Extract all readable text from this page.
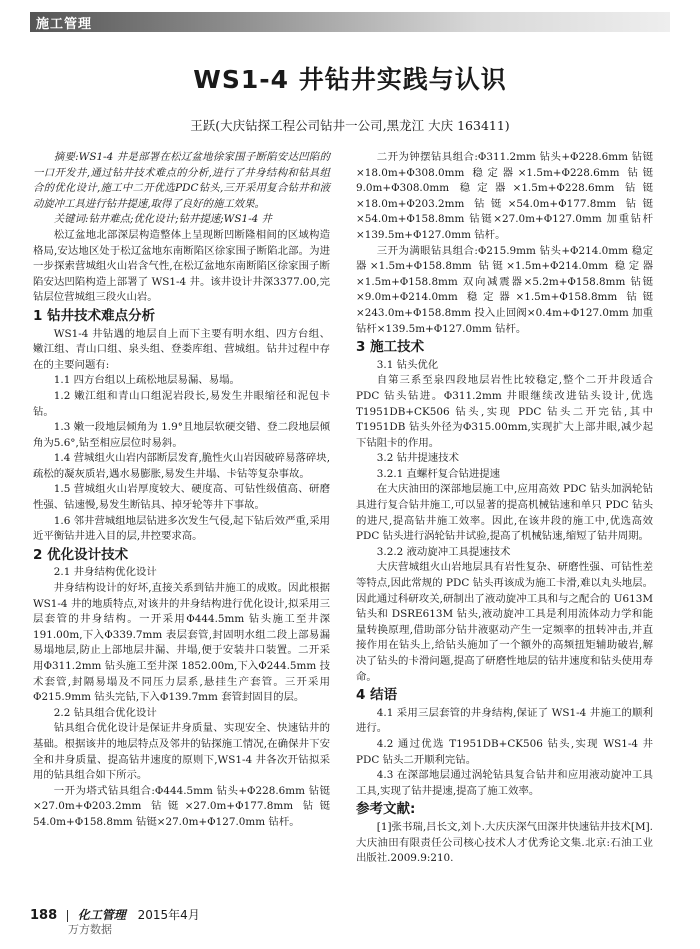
施工管理
WS1-4 井钻井实践与认识
王跃(大庆钻探工程公司钻井一公司,黑龙江 大庆 163411)

摘要:WS1-4 井是部署在松辽盆地徐家围子断陷安达凹陷的一口开发井,通过钻井技术难点的分析,进行了井身结构和钻具组合的优化设计,施工中二开优选PDC钻头,三开采用复合钻井和液动旋冲工具进行钻井提速,取得了良好的施工效果。

关键词:钻井难点;优化设计;钻井提速;WS1-4 井

松辽盆地北部深层构造整体上呈现断凹断隆相间的区域构造格局,安达地区处于松辽盆地东南断陷区徐家围子断陷北部。为进一步探索营城组火山岩含气性,在松辽盆地东南断陷区徐家围子断陷安达凹陷构造上部署了 WS1-4 井。该井设计井深3377.00,完钻层位营城组三段火山岩。

1 钻井技术难点分析

WS1-4 井钻遇的地层自上而下主要有明水组、四方台组、嫩江组、青山口组、泉头组、登娄库组、营城组。钻井过程中存在的主要问题有:

1.1 四方台组以上疏松地层易漏、易塌。

1.2 嫩江组和青山口组泥岩段长,易发生井眼缩径和泥包卡钻。

1.3 嫩一段地层倾角为 1.9°且地层软硬交错、登二段地层倾角为5.6°,钻至相应层位时易斜。

1.4 营城组火山岩内部断层发育,脆性火山岩因破碎易落碎块,疏松的凝灰质岩,遇水易膨胀,易发生井塌、卡钻等复杂事故。

1.5 营城组火山岩厚度较大、硬度高、可钻性级值高、研磨性强、钻速慢,易发生断钻具、掉牙轮等井下事故。

1.6 邻井营城组地层钻进多次发生气侵,起下钻后效严重,采用近平衡钻井进入目的层,井控要求高。

2 优化设计技术

2.1 井身结构优化设计

井身结构设计的好坏,直接关系到钻井施工的成败。因此根据 WS1-4 井的地质特点,对该井的井身结构进行优化设计,拟采用三层套管的井身结构。一开采用Φ444.5mm 钻头施工至井深 191.00m,下入Φ339.7mm 表层套管,封固明水组二段上部易漏易塌地层,防止上部地层井漏、井塌,便于安装井口装置。二开采用Φ311.2mm 钻头施工至井深 1852.00m,下入Φ244.5mm 技术套管,封隔易塌及不同压力层系,悬挂生产套管。三开采用Φ215.9mm 钻头完钻,下入Φ139.7mm 套管封固目的层。

2.2 钻具组合优化设计

钻具组合优化设计是保证井身质量、实现安全、快速钻井的基础。根据该井的地层特点及邻井的钻探施工情况,在确保井下安全和井身质量、提高钻井速度的原则下,WS1-4 井各次开钻拟采用的钻具组合如下所示。

一开为塔式钻具组合:Φ444.5mm 钻头+Φ228.6mm 钻铤×27.0m+Φ203.2mm 钻铤×27.0m+Φ177.8mm 钻铤 54.0m+Φ158.8mm 钻铤×27.0m+Φ127.0mm 钻杆。

二开为钟摆钻具组合:Φ311.2mm 钻头+Φ228.6mm 钻铤×18.0m+Φ308.0mm 稳定器×1.5m+Φ228.6mm 钻铤 9.0m+Φ308.0mm 稳定器×1.5m+Φ228.6mm 钻铤×18.0m+Φ203.2mm 钻铤×54.0m+Φ177.8mm 钻铤×54.0m+Φ158.8mm 钻铤×27.0m+Φ127.0mm 加重钻杆×139.5m+Φ127.0mm 钻杆。

三开为满眼钻具组合:Φ215.9mm 钻头+Φ214.0mm 稳定器×1.5m+Φ158.8mm 钻铤×1.5m+Φ214.0mm 稳定器×1.5m+Φ158.8mm 双向减震器×5.2m+Φ158.8mm 钻铤×9.0m+Φ214.0mm 稳定器×1.5m+Φ158.8mm 钻铤×243.0m+Φ158.8mm 投入止回阀×0.4m+Φ127.0mm 加重钻杆×139.5m+Φ127.0mm 钻杆。

3 施工技术

3.1 钻头优化

自第三系至泉四段地层岩性比较稳定,整个二开井段适合 PDC 钻头钻进。Φ311.2mm 井眼继续改进钻头设计,优选T1951DB+CK506 钻头,实现 PDC 钻头二开完钻,其中 T1951DB 钻头外径为Φ315.00mm,实现扩大上部井眼,减少起下钻阻卡的作用。

3.2 钻井提速技术

3.2.1 直螺杆复合钻进提速

在大庆油田的深部地层施工中,应用高效 PDC 钻头加涡轮钻具进行复合钻井施工,可以显著的提高机械钻速和单只 PDC 钻头的进尺,提高钻井施工效率。因此,在该井段的施工中,优选高效 PDC 钻头进行涡轮钻井试验,提高了机械钻速,缩短了钻井周期。

3.2.2 液动旋冲工具提速技术

大庆营城组火山岩地层具有岩性复杂、研磨性强、可钻性差等特点,因此常规的 PDC 钻头再该成为施工卡滑,难以丸头地层。因此通过科研攻关,研制出了液动旋冲工具和与之配合的 U613M 钻头和 DSRE613M 钻头,液动旋冲工具是利用流体动力学和能量转换原理,借助部分钻井液驱动产生一定频率的扭转冲击,并直接作用在钻头上,给钻头施加了一个额外的高频扭矩辅助破岩,解决了钻头的卡滑问题,提高了研磨性地层的钻井速度和钻头使用寿命。

4 结语

4.1 采用三层套管的井身结构,保证了 WS1-4 井施工的顺利进行。

4.2 通过优选 T1951DB+CK506 钻头,实现 WS1-4 井 PDC 钻头二开顺利完钻。

4.3 在深部地层通过涡轮钻具复合钻井和应用液动旋冲工具工具,实现了钻井提速,提高了施工效率。

参考文献:

[1]张书瑞,吕长文,刘卜.大庆庆深气田深井快速钻井技术[M].大庆油田有限责任公司核心技术人才优秀论文集.北京:石油工业出版社.2009.9:210.

188 化工管理 2015年4月
万方数据
